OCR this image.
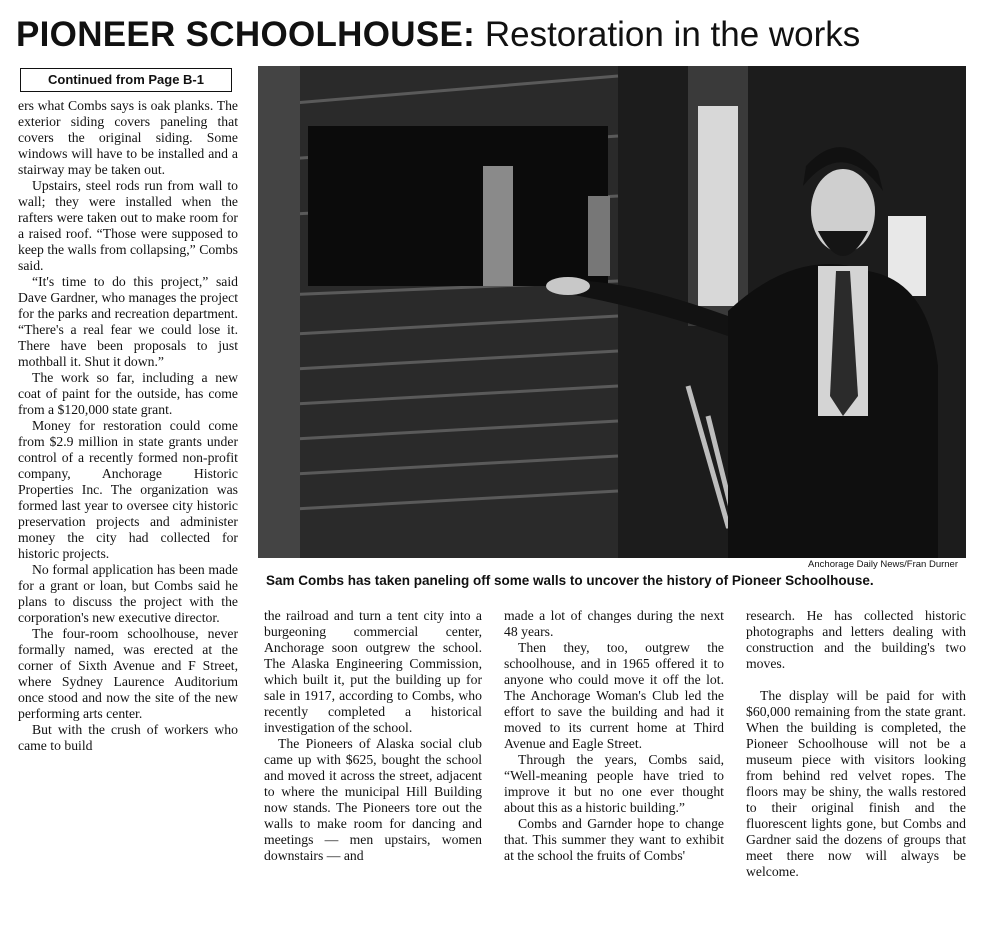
PIONEER SCHOOLHOUSE: Restoration in the works
Continued from Page B-1

ers what Combs says is oak planks. The exterior siding covers paneling that covers the original siding. Some windows will have to be installed and a stairway may be taken out.

Upstairs, steel rods run from wall to wall; they were installed when the rafters were taken out to make room for a raised roof. “Those were supposed to keep the walls from collapsing,” Combs said.

“It's time to do this project,” said Dave Gardner, who manages the project for the parks and recreation department. “There's a real fear we could lose it. There have been proposals to just mothball it. Shut it down.”

The work so far, including a new coat of paint for the outside, has come from a $120,000 state grant.

Money for restoration could come from $2.9 million in state grants under control of a recently formed non-profit company, Anchorage Historic Properties Inc. The organization was formed last year to oversee city historic preservation projects and administer money the city had collected for historic projects.

No formal application has been made for a grant or loan, but Combs said he plans to discuss the project with the corporation's new executive director.

The four-room schoolhouse, never formally named, was erected at the corner of Sixth Avenue and F Street, where Sydney Laurence Auditorium once stood and now the site of the new performing arts center.

But with the crush of workers who came to build

Anchorage Daily News/Fran Durner
Sam Combs has taken paneling off some walls to uncover the history of Pioneer Schoolhouse.

the railroad and turn a tent city into a burgeoning commercial center, Anchorage soon outgrew the school. The Alaska Engineering Commission, which built it, put the building up for sale in 1917, according to Combs, who recently completed a historical investigation of the school.

The Pioneers of Alaska social club came up with $625, bought the school and moved it across the street, adjacent to where the municipal Hill Building now stands. The Pioneers tore out the walls to make room for dancing and meetings — men upstairs, women downstairs — and

made a lot of changes during the next 48 years.

Then they, too, outgrew the schoolhouse, and in 1965 offered it to anyone who could move it off the lot. The Anchorage Woman's Club led the effort to save the building and had it moved to its current home at Third Avenue and Eagle Street.

Through the years, Combs said, “Well-meaning people have tried to improve it but no one ever thought about this as a historic building.”

Combs and Garnder hope to change that. This summer they want to exhibit at the school the fruits of Combs'

research. He has collected historic photographs and letters dealing with construction and the building's two moves.

The display will be paid for with $60,000 remaining from the state grant. When the building is completed, the Pioneer Schoolhouse will not be a museum piece with visitors looking from behind red velvet ropes. The floors may be shiny, the walls restored to their original finish and the fluorescent lights gone, but Combs and Gardner said the dozens of groups that meet there now will always be welcome.
